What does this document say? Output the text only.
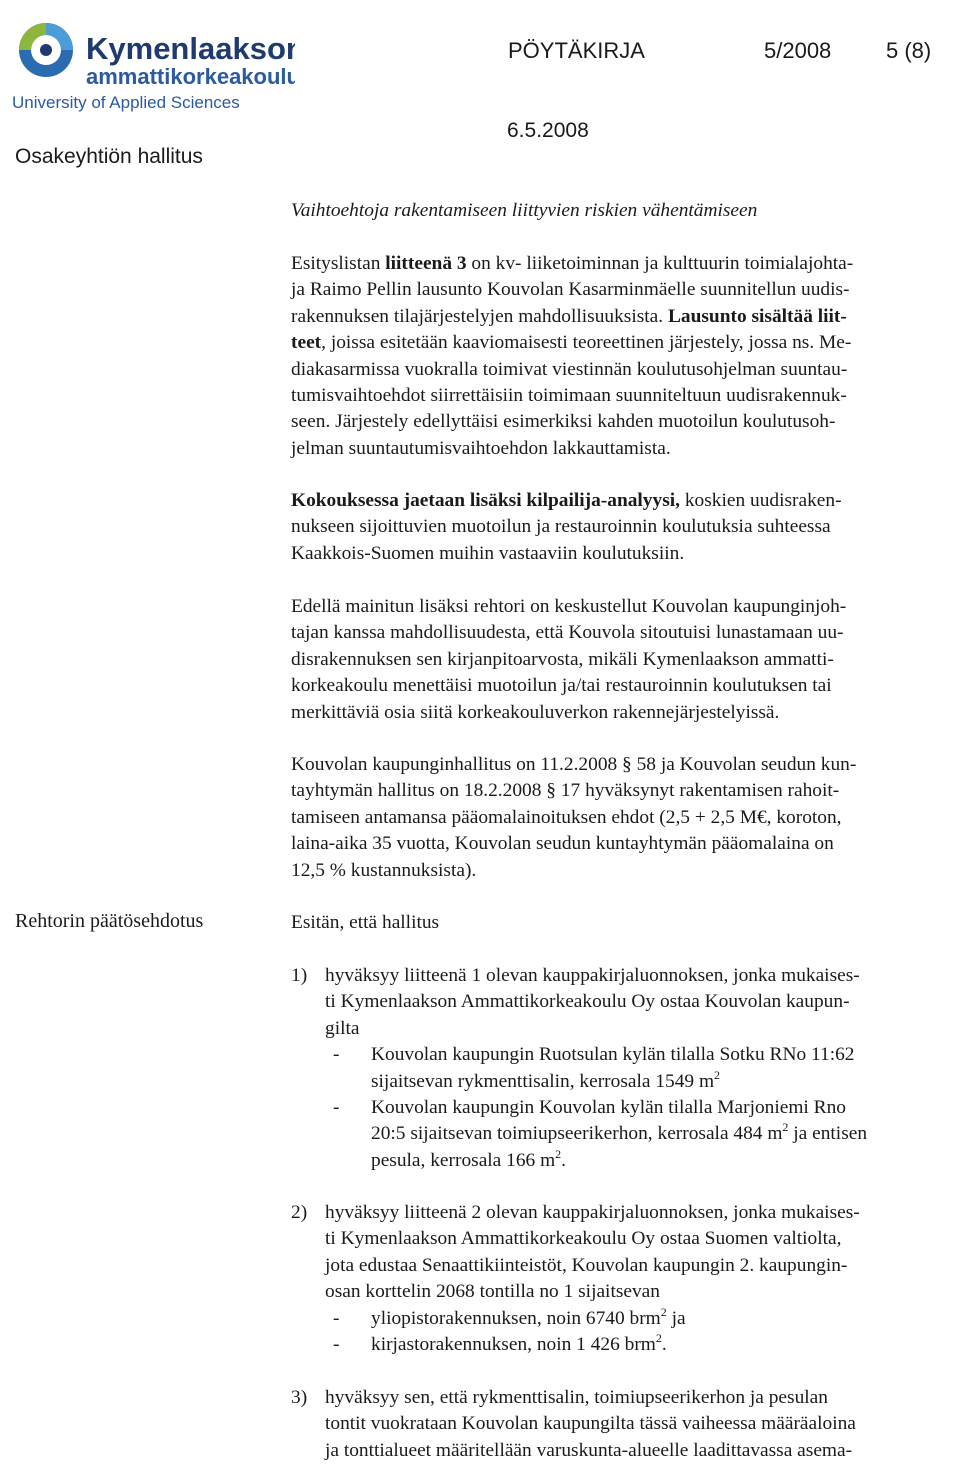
Kymenlaakson
ammattikorkeakoulu
University of Applied Sciences
PÖYTÄKIRJA	5/2008 5 (8)
6.5.2008
Osakeyhtiön hallitus
Vaihtoehtoja rakentamiseen liittyvien riskien vähentämiseen
Esityslistan liitteenä 3 on kv- liiketoiminnan ja kulttuurin toimialajohta-
ja Raimo Pellin lausunto Kouvolan Kasarminmäelle suunnitellun uudis-
rakennuksen tilajärjestelyjen mahdollisuuksista. Lausunto sisältää liit-
teet, joissa esitetään kaaviomaisesti teoreettinen järjestely, jossa ns. Me-
diakasarmissa vuokralla toimivat viestinnän koulutusohjelman suuntau-
tumisvaihtoehdot siirrettäisiin toimimaan suunniteltuun uudisrakennuk-
seen. Järjestely edellyttäisi esimerkiksi kahden muotoilun koulutusoh-
jelman suuntautumisvaihtoehdon lakkauttamista.
Kokouksessa jaetaan lisäksi kilpailija-analyysi, koskien uudisraken-
nukseen sijoittuvien muotoilun ja restauroinnin koulutuksia suhteessa
Kaakkois-Suomen muihin vastaaviin koulutuksiin.
Edellä mainitun lisäksi rehtori on keskustellut Kouvolan kaupunginjoh-
tajan kanssa mahdollisuudesta, että Kouvola sitoutuisi lunastamaan uu-
disrakennuksen sen kirjanpitoarvosta, mikäli Kymenlaakson ammatti-
korkeakoulu menettäisi muotoilun ja/tai restauroinnin koulutuksen tai
merkittäviä osia siitä korkeakouluverkon rakennejärjestelyissä.
Kouvolan kaupunginhallitus on 11.2.2008 § 58 ja Kouvolan seudun kun-
tayhtymän hallitus on 18.2.2008 § 17 hyväksynyt rakentamisen rahoit-
tamiseen antamansa pääomalainoituksen ehdot (2,5 + 2,5 M€, koroton,
laina-aika 35 vuotta, Kouvolan seudun kuntayhtymän pääomalaina on
12,5 % kustannuksista).
Rehtorin päätösehdotus	Esitän, että hallitus
1) hyväksyy liitteenä 1 olevan kauppakirjaluonnoksen, jonka mukaises-
ti Kymenlaakson Ammattikorkeakoulu Oy ostaa Kouvolan kaupun-
gilta
- Kouvolan kaupungin Ruotsulan kylän tilalla Sotku RNo 11:62
sijaitsevan rykmenttisalin, kerrosala 1549 $m^2$
- Kouvolan kaupungin Kouvolan kylän tilalla Marjoniemi Rno
20:5 sijaitsevan toimiupseerikerhon, kerrosala 484 $m^2$ ja entisen
pesula, kerrosala 166 $m^2$.
2) hyväksyy liitteenä 2 olevan kauppakirjaluonnoksen, jonka mukaises-
ti Kymenlaakson Ammattikorkeakoulu Oy ostaa Suomen valtiolta,
jota edustaa Senaattikiinteistöt, Kouvolan kaupungin 2. kaupungin-
osan korttelin 2068 tontilla no 1 sijaitsevan
- yliopistorakennuksen, noin 6740 brm$^2$ ja
- kirjastorakennuksen, noin 1 426 brm$^2$.
3) hyväksyy sen, että rykmenttisalin, toimiupseerikerhon ja pesulan
tontit vuokrataan Kouvolan kaupungilta tässä vaiheessa määräaloina
ja tonttialueet määritellään varuskunta-alueelle laadittavassa asema-
